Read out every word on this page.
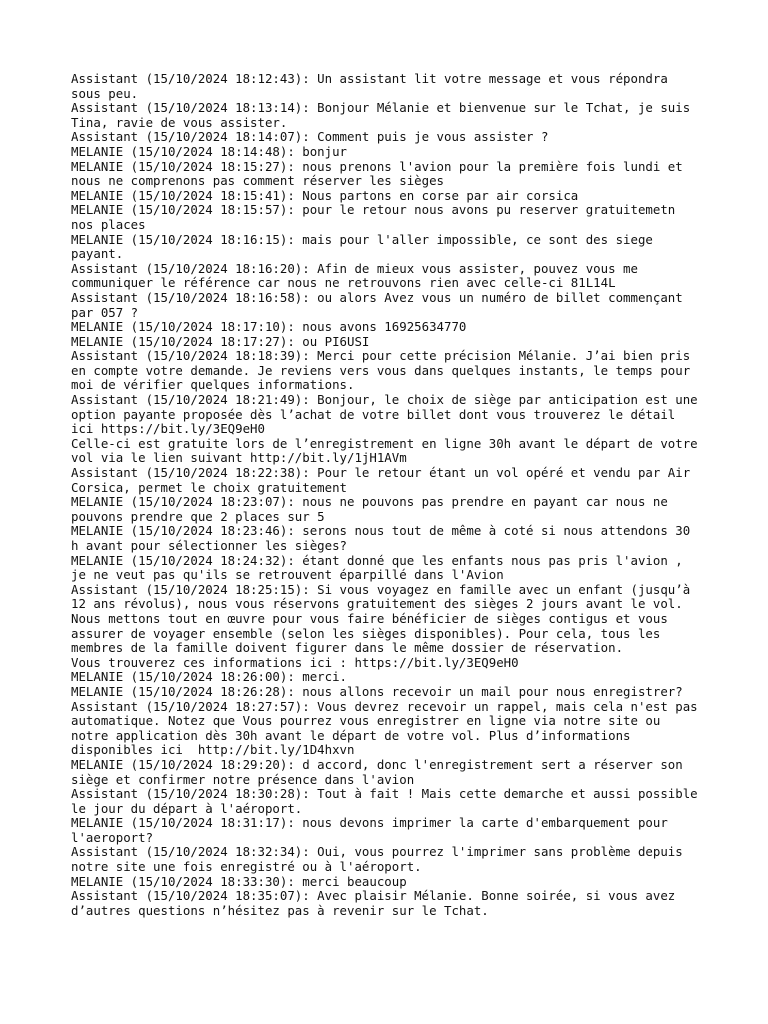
Assistant (15/10/2024 18:12:43): Un assistant lit votre message et vous répondra sous peu.

Assistant (15/10/2024 18:13:14): Bonjour Mélanie et bienvenue sur le Tchat, je suis Tina, ravie de vous assister.

Assistant (15/10/2024 18:14:07): Comment puis je vous assister ?

MELANIE (15/10/2024 18:14:48): bonjur

MELANIE (15/10/2024 18:15:27): nous prenons l'avion pour la première fois lundi et nous ne comprenons pas comment réserver les sièges

MELANIE (15/10/2024 18:15:41): Nous partons en corse par air corsica

MELANIE (15/10/2024 18:15:57): pour le retour nous avons pu reserver gratuitemetn nos places

MELANIE (15/10/2024 18:16:15): mais pour l'aller impossible, ce sont des siege payant.

Assistant (15/10/2024 18:16:20): Afin de mieux vous assister, pouvez vous me communiquer le référence car nous ne retrouvons rien avec celle-ci 81L14L

Assistant (15/10/2024 18:16:58): ou alors Avez vous un numéro de billet commençant par 057 ?

MELANIE (15/10/2024 18:17:10): nous avons 16925634770

MELANIE (15/10/2024 18:17:27): ou PI6USI

Assistant (15/10/2024 18:18:39): Merci pour cette précision Mélanie. J’ai bien pris en compte votre demande. Je reviens vers vous dans quelques instants, le temps pour moi de vérifier quelques informations.

Assistant (15/10/2024 18:21:49): Bonjour, le choix de siège par anticipation est une option payante proposée dès l’achat de votre billet dont vous trouverez le détail ici https://bit.ly/3EQ9eH0

Celle-ci est gratuite lors de l’enregistrement en ligne 30h avant le départ de votre vol via le lien suivant http://bit.ly/1jH1AVm

Assistant (15/10/2024 18:22:38): Pour le retour étant un vol opéré et vendu par Air Corsica, permet le choix gratuitement

MELANIE (15/10/2024 18:23:07): nous ne pouvons pas prendre en payant car nous ne pouvons prendre que 2 places sur 5

MELANIE (15/10/2024 18:23:46): serons nous tout de même à coté si nous attendons 30 h avant pour sélectionner les sièges?

MELANIE (15/10/2024 18:24:32): étant donné que les enfants nous pas pris l'avion , je ne veut pas qu'ils se retrouvent éparpillé dans l'Avion

Assistant (15/10/2024 18:25:15): Si vous voyagez en famille avec un enfant (jusqu’à 12 ans révolus), nous vous réservons gratuitement des sièges 2 jours avant le vol. Nous mettons tout en œuvre pour vous faire bénéficier de sièges contigus et vous assurer de voyager ensemble (selon les sièges disponibles). Pour cela, tous les membres de la famille doivent figurer dans le même dossier de réservation.

Vous trouverez ces informations ici : https://bit.ly/3EQ9eH0

MELANIE (15/10/2024 18:26:00): merci.

MELANIE (15/10/2024 18:26:28): nous allons recevoir un mail pour nous enregistrer?

Assistant (15/10/2024 18:27:57): Vous devrez recevoir un rappel, mais cela n'est pas automatique. Notez que Vous pourrez vous enregistrer en ligne via notre site ou notre application dès 30h avant le départ de votre vol. Plus d’informations disponibles ici  http://bit.ly/1D4hxvn

MELANIE (15/10/2024 18:29:20): d accord, donc l'enregistrement sert a réserver son siège et confirmer notre présence dans l'avion

Assistant (15/10/2024 18:30:28): Tout à fait ! Mais cette demarche et aussi possible le jour du départ à l'aéroport.

MELANIE (15/10/2024 18:31:17): nous devons imprimer la carte d'embarquement pour l'aeroport?

Assistant (15/10/2024 18:32:34): Oui, vous pourrez l'imprimer sans problème depuis notre site une fois enregistré ou à l'aéroport.

MELANIE (15/10/2024 18:33:30): merci beaucoup

Assistant (15/10/2024 18:35:07): Avec plaisir Mélanie. Bonne soirée, si vous avez d’autres questions n’hésitez pas à revenir sur le Tchat.
